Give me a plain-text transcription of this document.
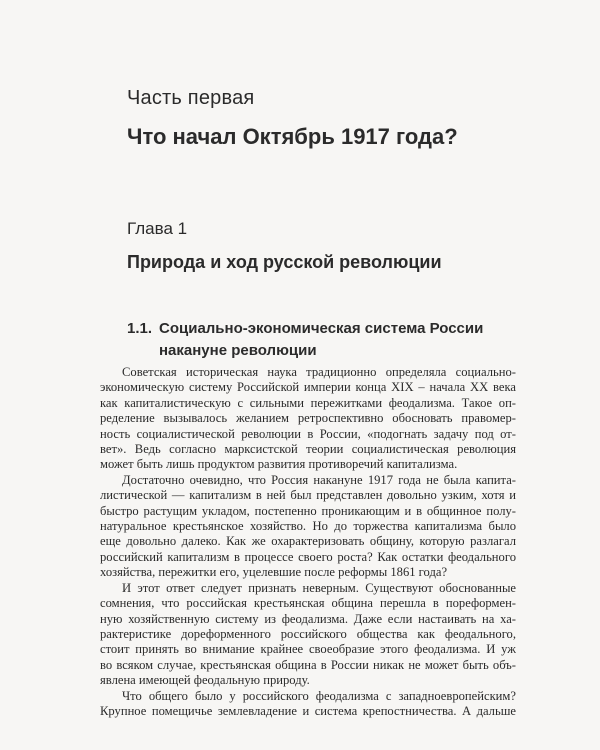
Часть первая
Что начал Октябрь 1917 года?
Глава 1
Природа и ход русской революции
1.1. Социально-экономическая система России
накануне революции
Советская историческая наука традиционно определяла социально-
экономическую систему Российской империи конца XIX – начала XX века
как капиталистическую с сильными пережитками феодализма. Такое оп-
ределение вызывалось желанием ретроспективно обосновать правомер-
ность социалистической революции в России, «подогнать задачу под от-
вет». Ведь согласно марксистской теории социалистическая революция
может быть лишь продуктом развития противоречий капитализма.
Достаточно очевидно, что Россия накануне 1917 года не была капита-
листической — капитализм в ней был представлен довольно узким, хотя и
быстро растущим укладом, постепенно проникающим и в общинное полу-
натуральное крестьянское хозяйство. Но до торжества капитализма было
еще довольно далеко. Как же охарактеризовать общину, которую разлагал
российский капитализм в процессе своего роста? Как остатки феодального
хозяйства, пережитки его, уцелевшие после реформы 1861 года?
И этот ответ следует признать неверным. Существуют обоснованные
сомнения, что российская крестьянская община перешла в пореформен-
ную хозяйственную систему из феодализма. Даже если настаивать на ха-
рактеристике дореформенного российского общества как феодального,
стоит принять во внимание крайнее своеобразие этого феодализма. И уж
во всяком случае, крестьянская община в России никак не может быть объ-
явлена имеющей феодальную природу.
Что общего было у российского феодализма с западноевропейским?
Крупное помещичье землевладение и система крепостничества. А дальше
